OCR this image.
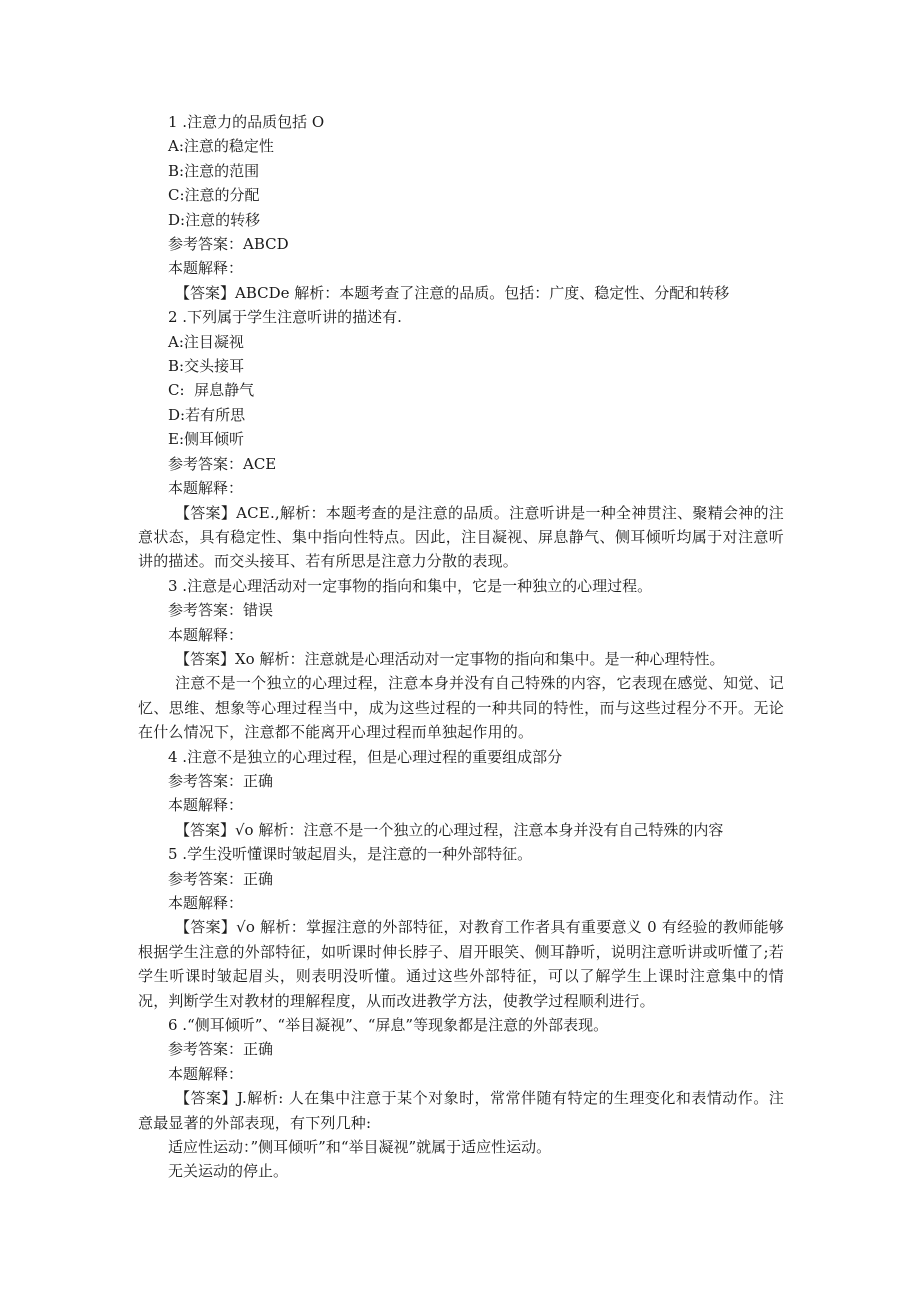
1 .注意力的品质包括 O
A:注意的稳定性
B:注意的范围
C:注意的分配
D:注意的转移
参考答案：ABCD
本题解释：
【答案】ABCDe 解析：本题考查了注意的品质。包括：广度、稳定性、分配和转移
2 .下列属于学生注意听讲的描述有.
A:注目凝视
B:交头接耳
C:  屏息静气
D:若有所思
E:侧耳倾听
参考答案：ACE
本题解释：
【答案】ACE.,解析：本题考查的是注意的品质。注意听讲是一种全神贯注、聚精会神的注意状态，具有稳定性、集中指向性特点。因此，注目凝视、屏息静气、侧耳倾听均属于对注意听讲的描述。而交头接耳、若有所思是注意力分散的表现。
3 .注意是心理活动对一定事物的指向和集中，它是一种独立的心理过程。
参考答案：错误
本题解释：
【答案】Xo 解析：注意就是心理活动对一定事物的指向和集中。是一种心理特性。
注意不是一个独立的心理过程，注意本身并没有自己特殊的内容，它表现在感觉、知觉、记忆、思维、想象等心理过程当中，成为这些过程的一种共同的特性，而与这些过程分不开。无论在什么情况下，注意都不能离开心理过程而单独起作用的。
4 .注意不是独立的心理过程，但是心理过程的重要组成部分
参考答案：正确
本题解释：
【答案】√o 解析：注意不是一个独立的心理过程，注意本身并没有自己特殊的内容
5 .学生没听懂课时皱起眉头，是注意的一种外部特征。
参考答案：正确
本题解释：
【答案】√o 解析：掌握注意的外部特征，对教育工作者具有重要意义 0 有经验的教师能够根据学生注意的外部特征，如听课时伸长脖子、眉开眼笑、侧耳静听，说明注意听讲或听懂了;若学生听课时皱起眉头，则表明没听懂。通过这些外部特征，可以了解学生上课时注意集中的情况，判断学生对教材的理解程度，从而改进教学方法，使教学过程顺利进行。
6 .“侧耳倾听”、“举目凝视”、“屏息”等现象都是注意的外部表现。
参考答案：正确
本题解释：
【答案】J.解析: 人在集中注意于某个对象时，常常伴随有特定的生理变化和表情动作。注意最显著的外部表现，有下列几种:
适应性运动：”侧耳倾听”和“举目凝视”就属于适应性运动。
无关运动的停止。
